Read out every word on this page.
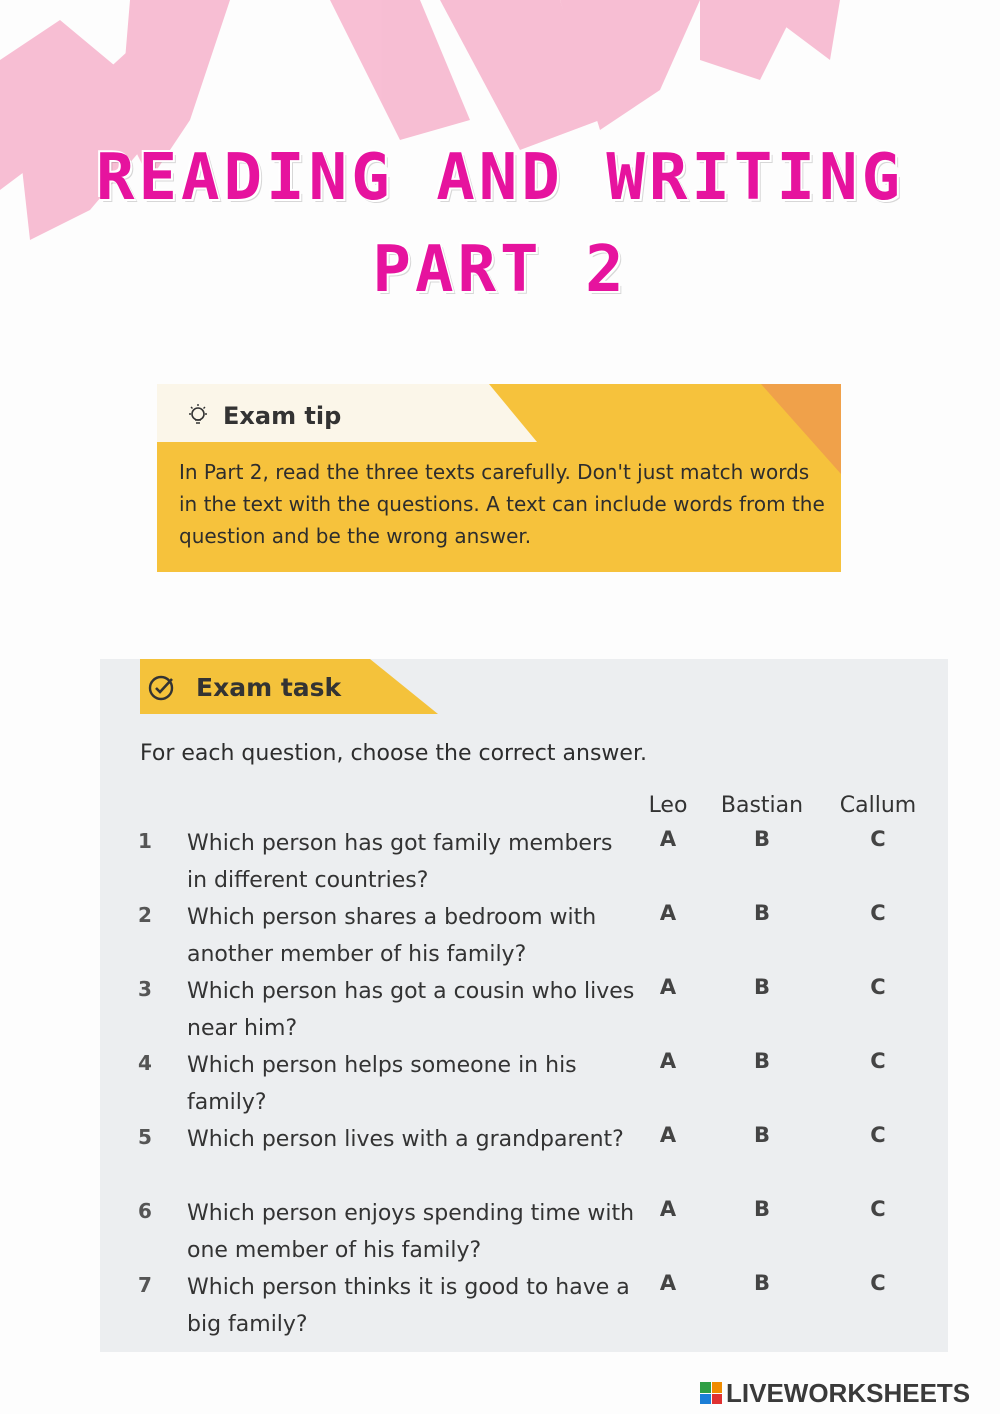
READING AND WRITING
PART 2
Exam tip
In Part 2, read the three texts carefully. Don't just match words in the text with the questions. A text can include words from the question and be the wrong answer.
Exam task
For each question, choose the correct answer.
Leo	Bastian	Callum
1 Which person has got family members in different countries?
A	B	C
2 Which person shares a bedroom with another member of his family?
A	B	C
3 Which person has got a cousin who lives near him?
A	B	C
4 Which person helps someone in his family?
A	B	C
5 Which person lives with a grandparent?	A	B	C
6 Which person enjoys spending time with one member of his family?
A	B	C
7 Which person thinks it is good to have a big family?
A	B	C
LIVEWORKSHEETS
